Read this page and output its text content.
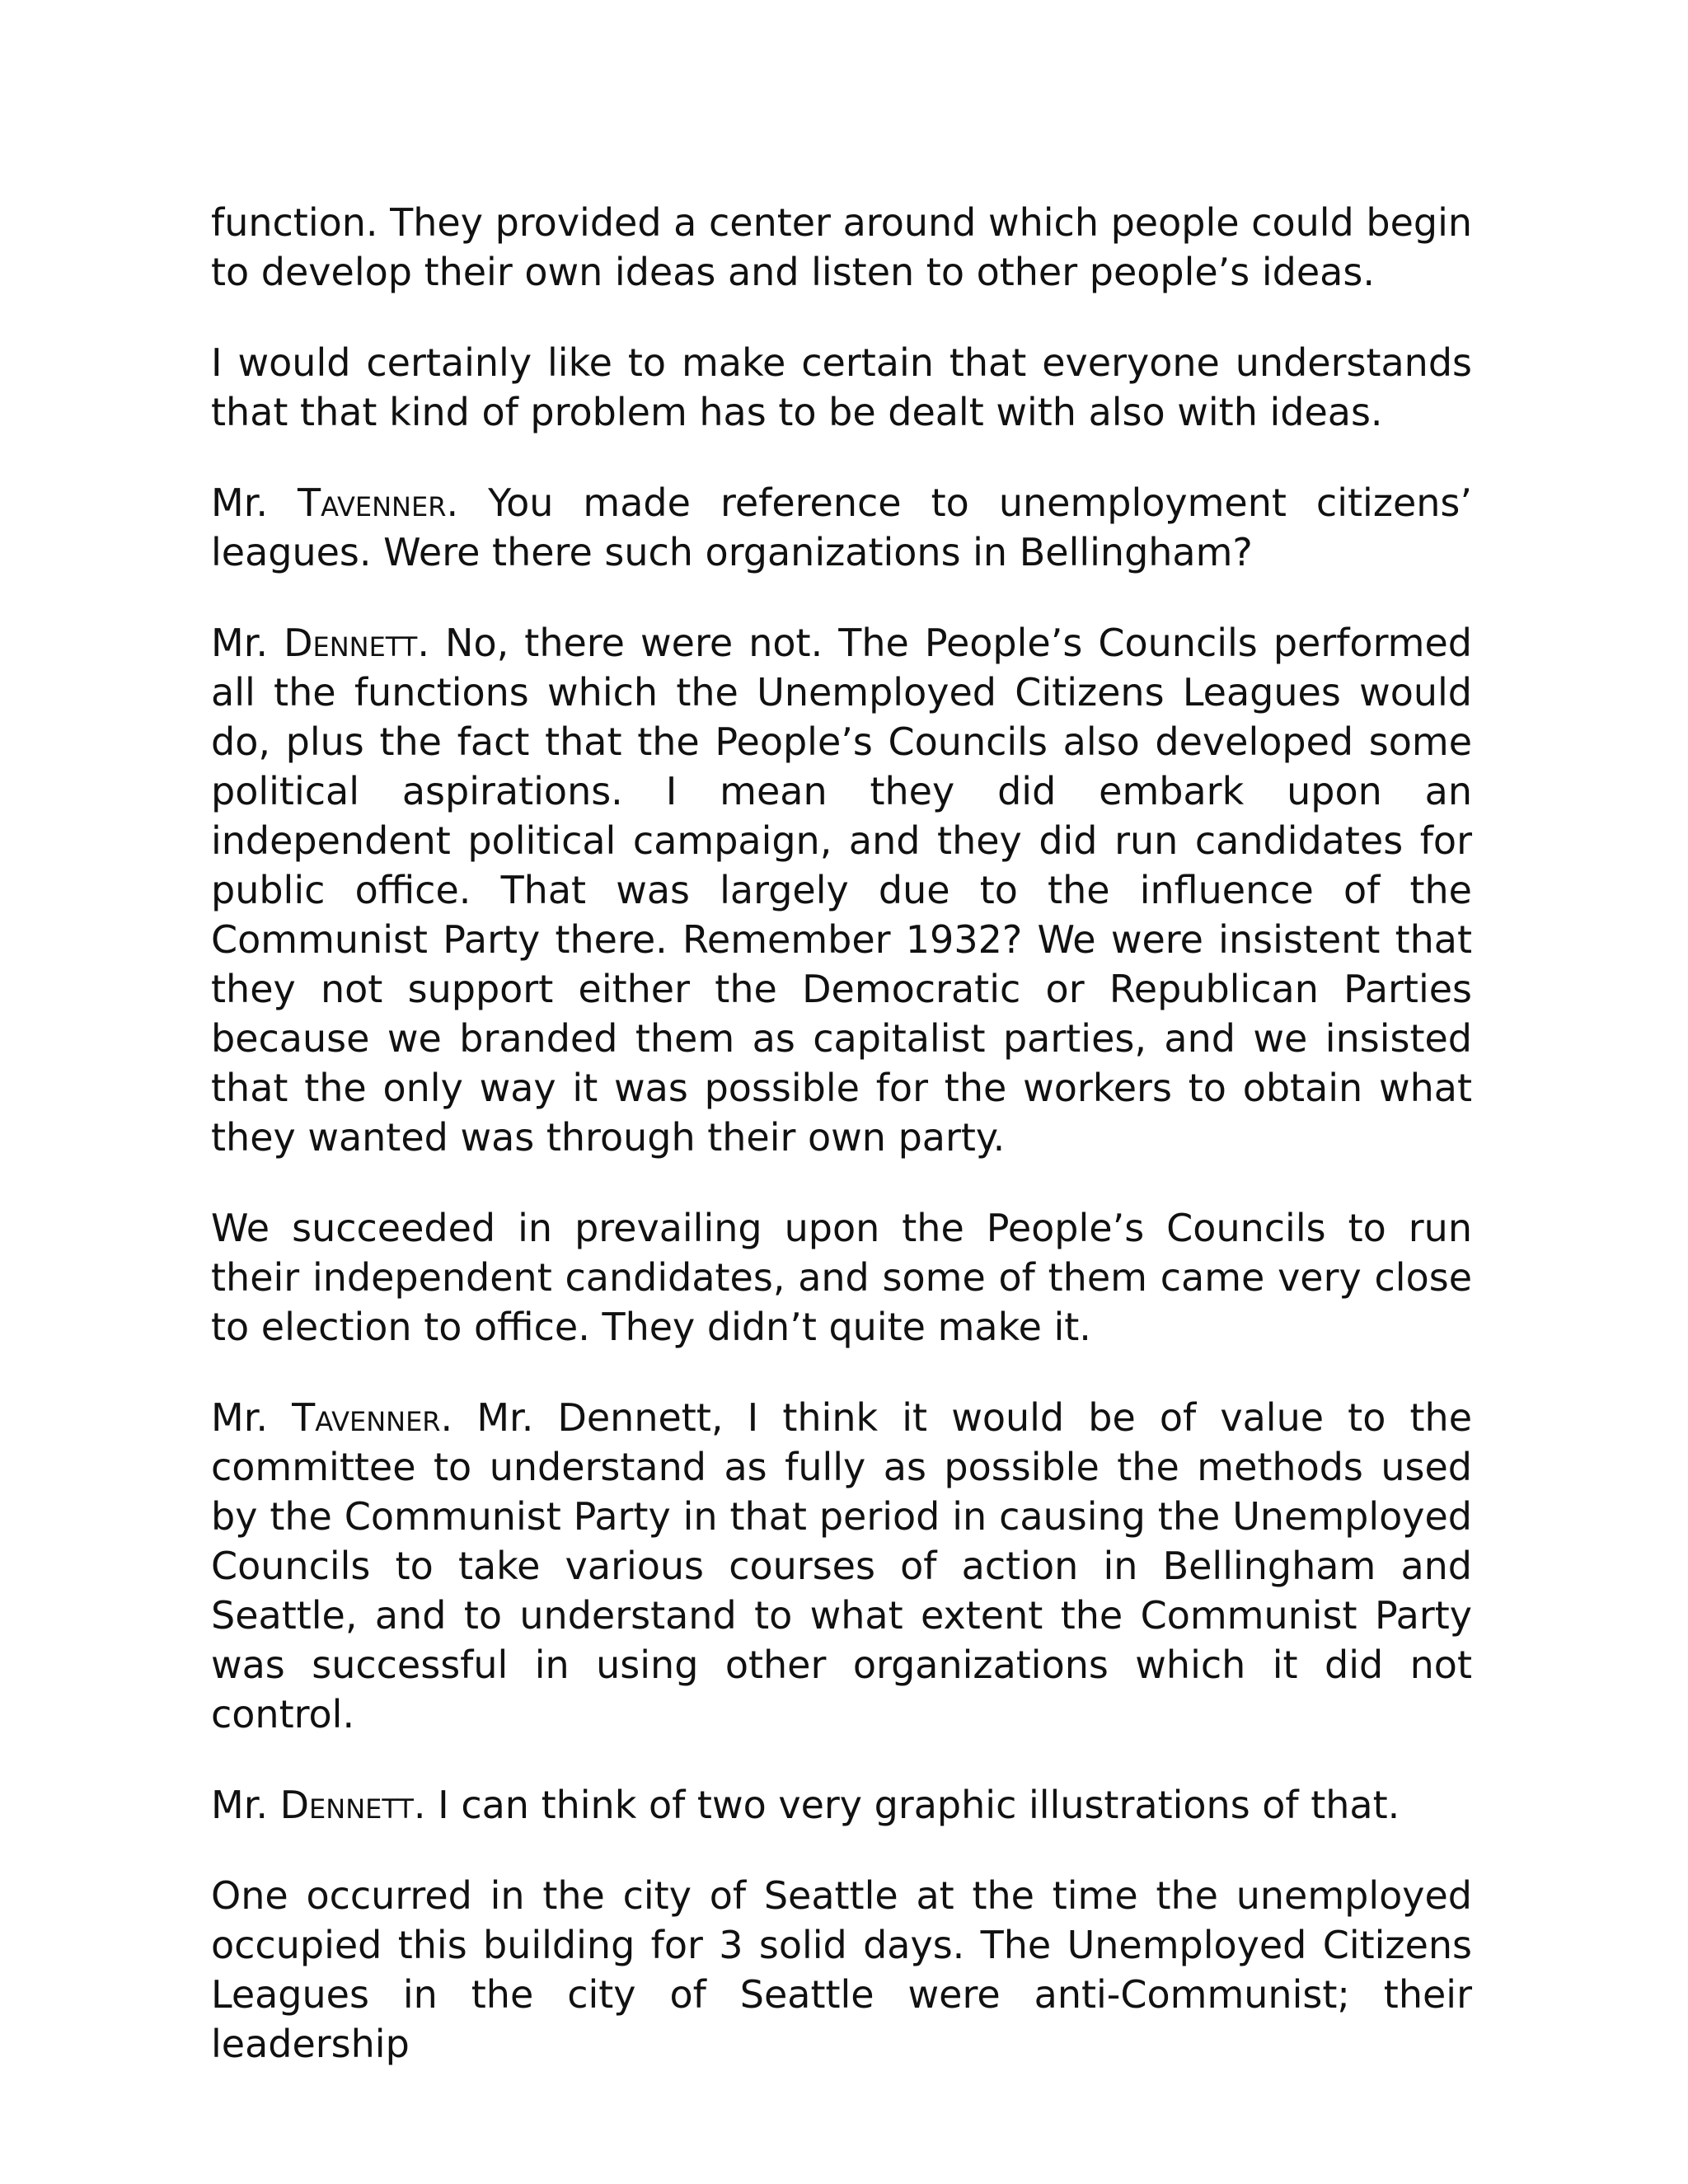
function. They provided a center around which people could begin to develop their own ideas and listen to other people’s ideas.

I would certainly like to make certain that everyone understands that that kind of problem has to be dealt with also with ideas.

Mr. Tavenner. You made reference to unemployment citizens’ leagues. Were there such organizations in Bellingham?

Mr. Dennett. No, there were not. The People’s Councils performed all the functions which the Unemployed Citizens Leagues would do, plus the fact that the People’s Councils also developed some political aspirations. I mean they did embark upon an independent political campaign, and they did run candidates for public office. That was largely due to the influence of the Communist Party there. Remember 1932? We were insistent that they not support either the Democratic or Republican Parties because we branded them as capitalist parties, and we insisted that the only way it was possible for the workers to obtain what they wanted was through their own party.

We succeeded in prevailing upon the People’s Councils to run their independent candidates, and some of them came very close to election to office. They didn’t quite make it.

Mr. Tavenner. Mr. Dennett, I think it would be of value to the committee to understand as fully as possible the methods used by the Communist Party in that period in causing the Unemployed Councils to take various courses of action in Bellingham and Seattle, and to understand to what extent the Communist Party was successful in using other organizations which it did not control.

Mr. Dennett. I can think of two very graphic illustrations of that.

One occurred in the city of Seattle at the time the unemployed occupied this building for 3 solid days. The Unemployed Citizens Leagues in the city of Seattle were anti-Communist; their leadership
